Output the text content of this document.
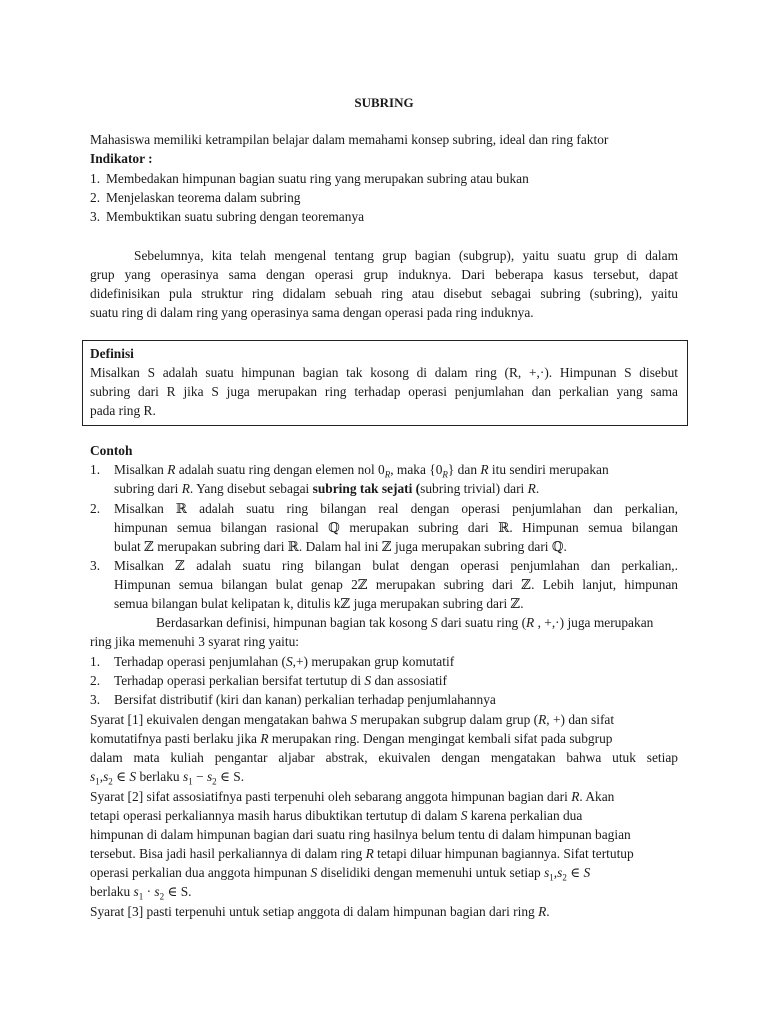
SUBRING
Mahasiswa memiliki ketrampilan belajar dalam memahami konsep subring, ideal dan ring faktor
Indikator :
1. Membedakan himpunan bagian suatu ring yang merupakan subring atau bukan
2. Menjelaskan teorema dalam subring
3. Membuktikan suatu subring dengan teoremanya
Sebelumnya, kita telah mengenal tentang grup bagian (subgrup), yaitu suatu grup di dalam
grup yang operasinya sama dengan operasi grup induknya. Dari beberapa kasus tersebut, dapat
didefinisikan pula struktur ring didalam sebuah ring atau disebut sebagai subring (subring), yaitu
suatu ring di dalam ring yang operasinya sama dengan operasi pada ring induknya.
Definisi
Misalkan S adalah suatu himpunan bagian tak kosong di dalam ring (R, +,·). Himpunan S disebut
subring dari R jika S juga merupakan ring terhadap operasi penjumlahan dan perkalian yang sama
pada ring R.
Contoh
1. Misalkan R adalah suatu ring dengan elemen nol $0_R$, maka $\{0_R\}$ dan R itu sendiri merupakan
subring dari R. Yang disebut sebagai subring tak sejati (subring trivial) dari R.
2. Misalkan ℝ adalah suatu ring bilangan real dengan operasi penjumlahan dan perkalian,
himpunan semua bilangan rasional ℚ merupakan subring dari ℝ. Himpunan semua bilangan
bulat ℤ merupakan subring dari ℝ. Dalam hal ini ℤ juga merupakan subring dari ℚ.
3. Misalkan ℤ adalah suatu ring bilangan bulat dengan operasi penjumlahan dan perkalian,.
Himpunan semua bilangan bulat genap 2ℤ merupakan subring dari ℤ. Lebih lanjut, himpunan
semua bilangan bulat kelipatan k, ditulis kℤ juga merupakan subring dari ℤ.
Berdasarkan definisi, himpunan bagian tak kosong S dari suatu ring (R , +,·) juga merupakan
ring jika memenuhi 3 syarat ring yaitu:
1. Terhadap operasi penjumlahan (S,+) merupakan grup komutatif
2. Terhadap operasi perkalian bersifat tertutup di S dan assosiatif
3. Bersifat distributif (kiri dan kanan) perkalian terhadap penjumlahannya
Syarat [1] ekuivalen dengan mengatakan bahwa S merupakan subgrup dalam grup (R, +) dan sifat
komutatifnya pasti berlaku jika R merupakan ring. Dengan mengingat kembali sifat pada subgrup
dalam mata kuliah pengantar aljabar abstrak, ekuivalen dengan mengatakan bahwa utuk setiap
$s_1,s_2$ ∈ S berlaku $s_1 - s_2$ ∈ S.
Syarat [2] sifat assosiatifnya pasti terpenuhi oleh sebarang anggota himpunan bagian dari R. Akan
tetapi operasi perkaliannya masih harus dibuktikan tertutup di dalam S karena perkalian dua
himpunan di dalam himpunan bagian dari suatu ring hasilnya belum tentu di dalam himpunan bagian
tersebut. Bisa jadi hasil perkaliannya di dalam ring R tetapi diluar himpunan bagiannya. Sifat tertutup
operasi perkalian dua anggota himpunan S diselidiki dengan memenuhi untuk setiap $s_1,s_2$ ∈ S
berlaku $s_1 \cdot s_2$ ∈ S.
Syarat [3] pasti terpenuhi untuk setiap anggota di dalam himpunan bagian dari ring R.
